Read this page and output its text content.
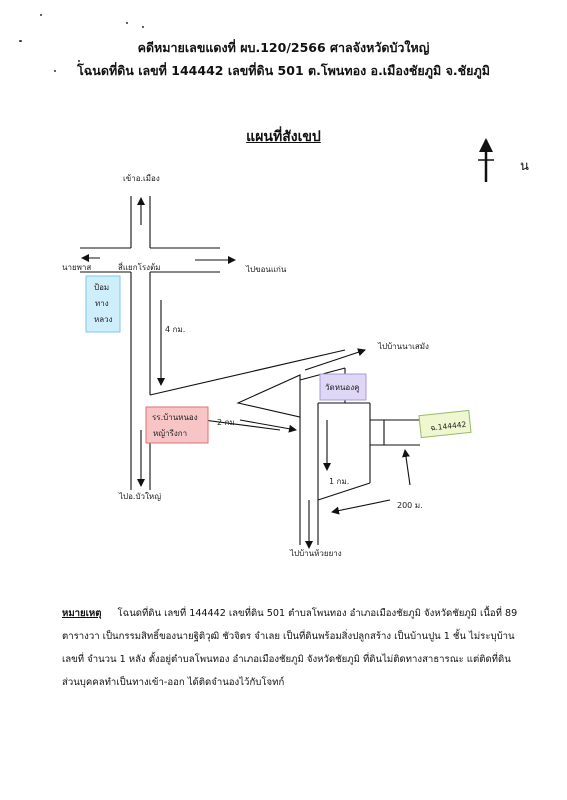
คดีหมายเลขแดงที่ ผบ.120/2566 ศาลจังหวัดบัวใหญ่
โฉนดที่ดิน เลขที่ 144442 เลขที่ดิน 501 ต.โพนทอง อ.เมืองชัยภูมิ จ.ชัยภูมิ
แผนที่สังเขป
น
เข้าอ.เมือง
นายพาส	สี่แยกโรงต้ม	ไปขอนแก่น
ป้อม
ทาง
หลวง
4 กม.
ไปบ้านนาเสมัง
วัดหนองคู
รร.บ้านหนอง
หญ้ารีงกา
2 กม.	ฉ.144442
1 กม.
200 ม.
ไปอ.บัวใหญ่
ไปบ้านห้วยยาง
หมายเหตุ โฉนดที่ดิน เลขที่ 144442 เลขที่ดิน 501 ตำบลโพนทอง อำเภอเมืองชัยภูมิ จังหวัดชัยภูมิ เนื้อที่ 89 ตารางวา เป็นกรรมสิทธิ์ของนายฐิติวุฒิ ชัวจิตร จำเลย เป็นที่ดินพร้อมสิ่งปลูกสร้าง เป็นบ้านปูน 1 ชั้น ไม่ระบุบ้านเลขที่ จำนวน 1 หลัง ตั้งอยู่ตำบลโพนทอง อำเภอเมืองชัยภูมิ จังหวัดชัยภูมิ ที่ดินไม่ติดทางสาธารณะ แต่ติดที่ดินส่วนบุคคลทำเป็นทางเข้า-ออก ได้ติดจำนองไว้กับโจทก์
